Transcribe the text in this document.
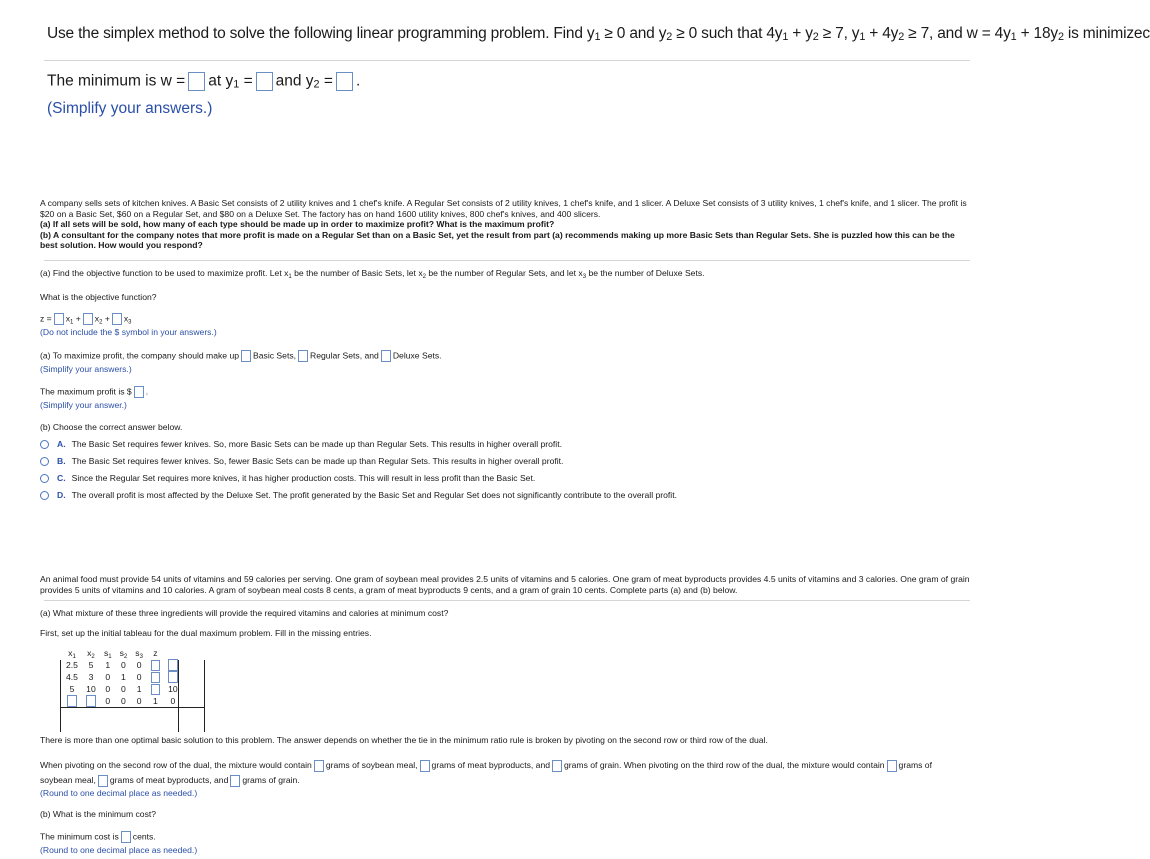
Use the simplex method to solve the following linear programming problem. Find $y_1 \ge 0$ and $y_2 \ge 0$ such that $4y_1 + y_2 \ge 7$, $y_1 + 4y_2 \ge 7$, and $w = 4y_1 + 18y_2$ is minimizec
The minimum is w = at $y_1$ = and $y_2$ = .
(Simplify your answers.)
A company sells sets of kitchen knives. A Basic Set consists of 2 utility knives and 1 chef's knife. A Regular Set consists of 2 utility knives, 1 chef's knife, and 1 slicer. A Deluxe Set consists of 3 utility knives, 1 chef's knife, and 1 slicer. The profit is $20 on a Basic Set, $60 on a Regular Set, and $80 on a Deluxe Set. The factory has on hand 1600 utility knives, 800 chef's knives, and 400 slicers.
(a) If all sets will be sold, how many of each type should be made up in order to maximize profit? What is the maximum profit?
(b) A consultant for the company notes that more profit is made on a Regular Set than on a Basic Set, yet the result from part (a) recommends making up more Basic Sets than Regular Sets. She is puzzled how this can be the best solution. How would you respond?
(a) Find the objective function to be used to maximize profit. Let $x_1$ be the number of Basic Sets, let $x_2$ be the number of Regular Sets, and let $x_3$ be the number of Deluxe Sets.
What is the objective function?
$z = x_1 + x_2 + x_3$
(Do not include the $ symbol in your answers.)
(a) To maximize profit, the company should make up Basic Sets, Regular Sets, and Deluxe Sets.
(Simplify your answers.)
The maximum profit is $ .
(Simplify your answer.)
(b) Choose the correct answer below.
A. The Basic Set requires fewer knives. So, more Basic Sets can be made up than Regular Sets. This results in higher overall profit.
B. The Basic Set requires fewer knives. So, fewer Basic Sets can be made up than Regular Sets. This results in higher overall profit.
C. Since the Regular Set requires more knives, it has higher production costs. This will result in less profit than the Basic Set.
D. The overall profit is most affected by the Deluxe Set. The profit generated by the Basic Set and Regular Set does not significantly contribute to the overall profit.
An animal food must provide 54 units of vitamins and 59 calories per serving. One gram of soybean meal provides 2.5 units of vitamins and 5 calories. One gram of meat byproducts provides 4.5 units of vitamins and 3 calories. One gram of grain provides 5 units of vitamins and 10 calories. A gram of soybean meal costs 8 cents, a gram of meat byproducts 9 cents, and a gram of grain 10 cents. Complete parts (a) and (b) below.
(a) What mixture of these three ingredients will provide the required vitamins and calories at minimum cost?
First, set up the initial tableau for the dual maximum problem. Fill in the missing entries.
$x_1$	$x_2$	$s_1$	$s_2$	$s_3$	z	
2.5	5	1	0	0		
4.5	3	0	1	0		
5	10	0	0	1		10
		0	0	0	1	0
There is more than one optimal basic solution to this problem. The answer depends on whether the tie in the minimum ratio rule is broken by pivoting on the second row or third row of the dual.
When pivoting on the second row of the dual, the mixture would contain grams of soybean meal, grams of meat byproducts, and grams of grain. When pivoting on the third row of the dual, the mixture would contain grams of
soybean meal, grams of meat byproducts, and grams of grain.
(Round to one decimal place as needed.)
(b) What is the minimum cost?
The minimum cost is cents.
(Round to one decimal place as needed.)
